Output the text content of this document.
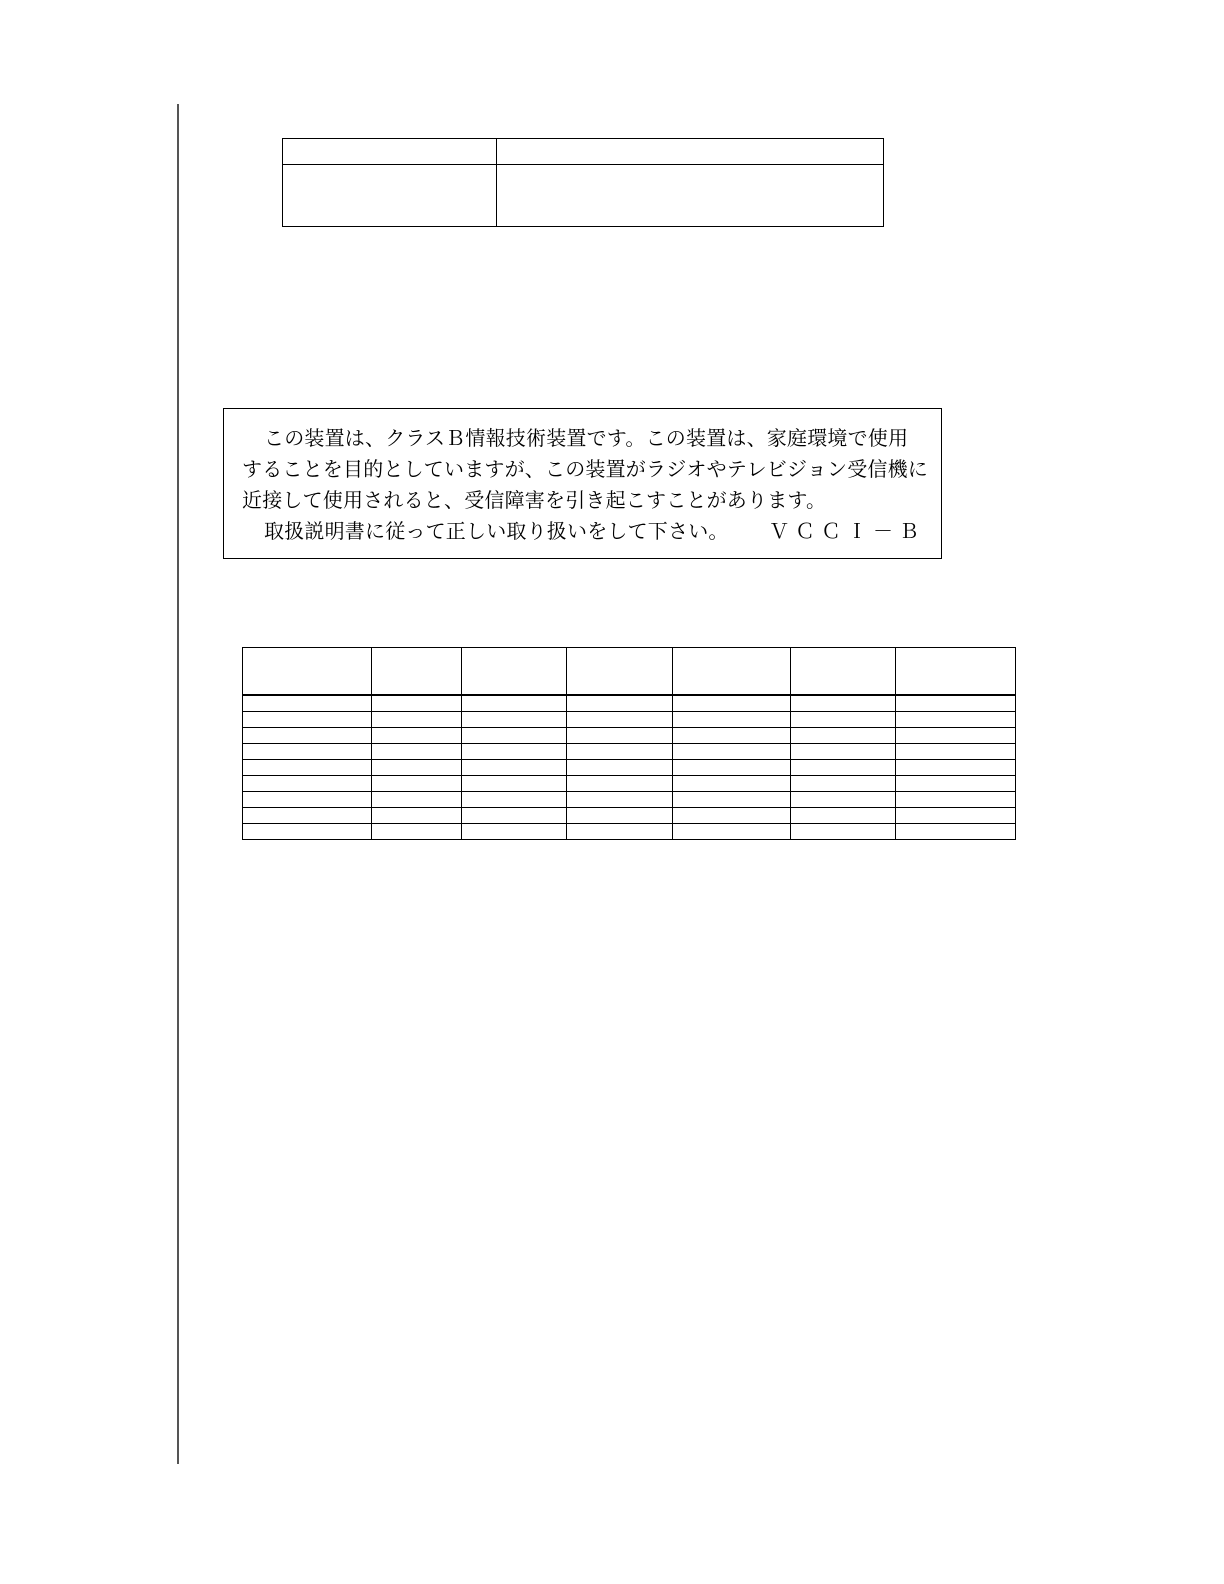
この装置は、クラスＢ情報技術装置です。この装置は、家庭環境で使用
することを目的としていますが、この装置がラジオやテレビジョン受信機に
近接して使用されると、受信障害を引き起こすことがあります。
取扱説明書に従って正しい取り扱いをして下さい。 ＶＣＣＩ－Ｂ
